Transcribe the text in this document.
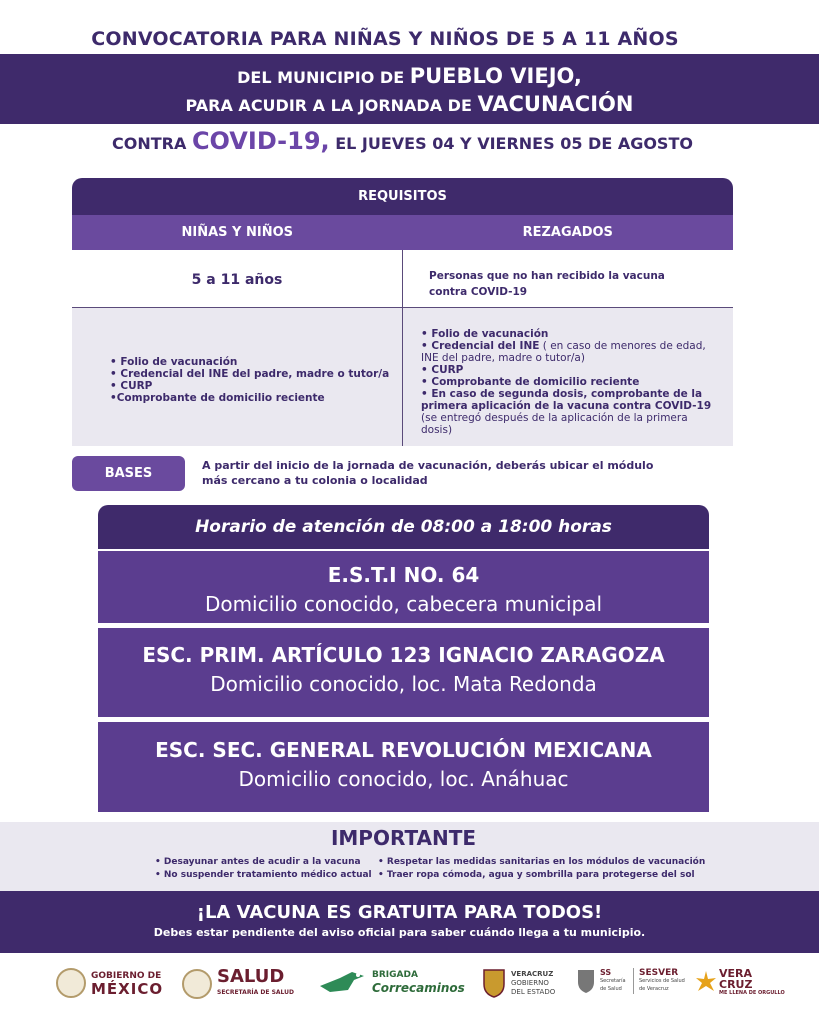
CONVOCATORIA PARA NIÑAS Y NIÑOS DE 5 A 11 AÑOS
DEL MUNICIPIO DE PUEBLO VIEJO,
PARA ACUDIR A LA JORNADA DE VACUNACIÓN
CONTRA COVID-19, EL JUEVES 04 Y VIERNES 05 DE AGOSTO
REQUISITOS
NIÑAS Y NIÑOS	REZAGADOS
5 a 11 años	Personas que no han recibido la vacuna contra COVID-19
• Folio de vacunación
• Credencial del INE del padre, madre o tutor/a
• CURP
•Comprobante de domicilio reciente
• Folio de vacunación
• Credencial del INE ( en caso de menores de edad, INE del padre, madre o tutor/a)
• CURP
• Comprobante de domicilio reciente
• En caso de segunda dosis, comprobante de la primera aplicación de la vacuna contra COVID-19 (se entregó después de la aplicación de la primera dosis)
BASES
A partir del inicio de la jornada de vacunación, deberás ubicar el módulo más cercano a tu colonia o localidad
Horario de atención de 08:00 a 18:00 horas
E.S.T.I NO. 64
Domicilio conocido, cabecera municipal
ESC. PRIM. ARTÍCULO 123 IGNACIO ZARAGOZA
Domicilio conocido, loc. Mata Redonda
ESC. SEC. GENERAL REVOLUCIÓN MEXICANA
Domicilio conocido, loc. Anáhuac
IMPORTANTE
• Desayunar antes de acudir a la vacuna
• No suspender tratamiento médico actual
• Respetar las medidas sanitarias en los módulos de vacunación
• Traer ropa cómoda, agua y sombrilla para protegerse del sol
¡LA VACUNA ES GRATUITA PARA TODOS!
Debes estar pendiente del aviso oficial para saber cuándo llega a tu municipio.
GOBIERNO DE
MÉXICO
SALUD
SECRETARÍA DE SALUD
BRIGADA
Correcaminos
VERACRUZ
GOBIERNO
DEL ESTADO
SS
Secretaría de Salud
SESVER
Servicios de Salud de Veracruz
VERA
CRUZ
ME LLENA DE ORGULLO
